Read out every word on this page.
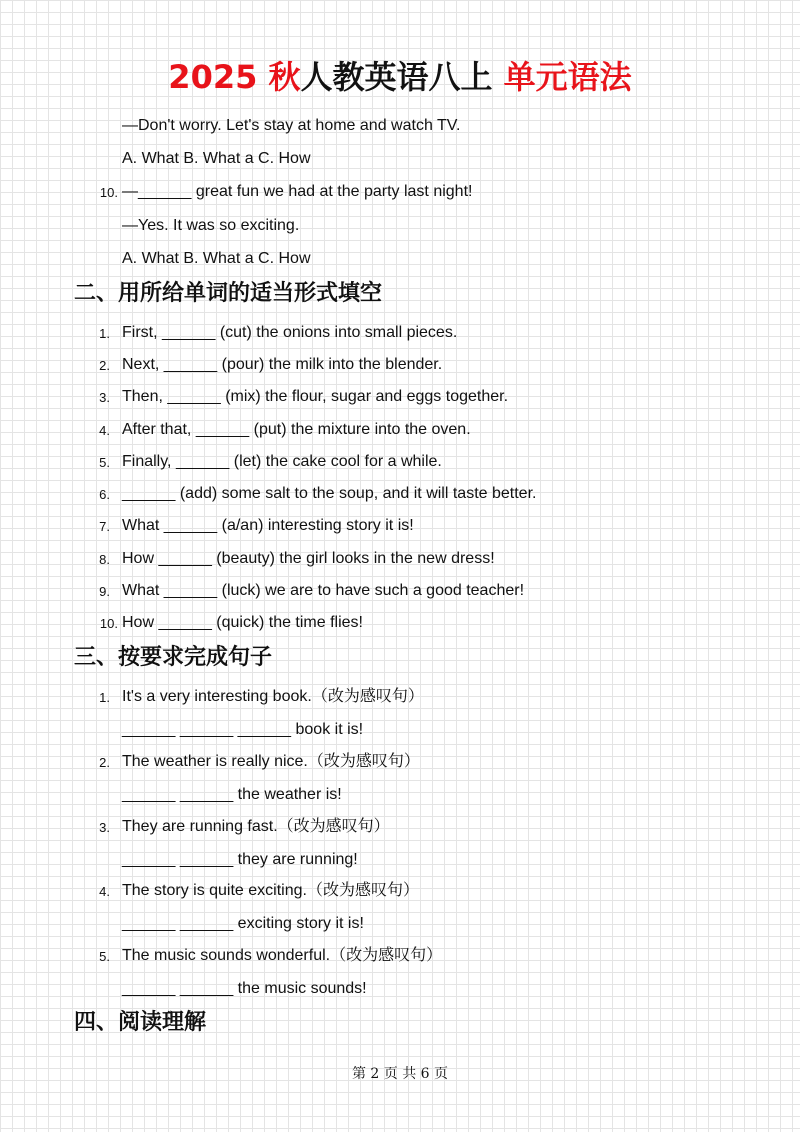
2025 秋人教英语八上 单元语法
—Don't worry. Let's stay at home and watch TV.
A. What B. What a C. How
10. —______ great fun we had at the party last night!
—Yes. It was so exciting.
A. What B. What a C. How
二、用所给单词的适当形式填空
1. First, ______ (cut) the onions into small pieces.
2. Next, ______ (pour) the milk into the blender.
3. Then, ______ (mix) the flour, sugar and eggs together.
4. After that, ______ (put) the mixture into the oven.
5. Finally, ______ (let) the cake cool for a while.
6. ______ (add) some salt to the soup, and it will taste better.
7. What ______ (a/an) interesting story it is!
8. How ______ (beauty) the girl looks in the new dress!
9. What ______ (luck) we are to have such a good teacher!
10. How ______ (quick) the time flies!
三、按要求完成句子
1. It's a very interesting book.（改为感叹句）
______ ______ ______ book it is!
2. The weather is really nice.（改为感叹句）
______ ______ the weather is!
3. They are running fast.（改为感叹句）
______ ______ they are running!
4. The story is quite exciting.（改为感叹句）
______ ______ exciting story it is!
5. The music sounds wonderful.（改为感叹句）
______ ______ the music sounds!
四、阅读理解
第 2 页 共 6 页
